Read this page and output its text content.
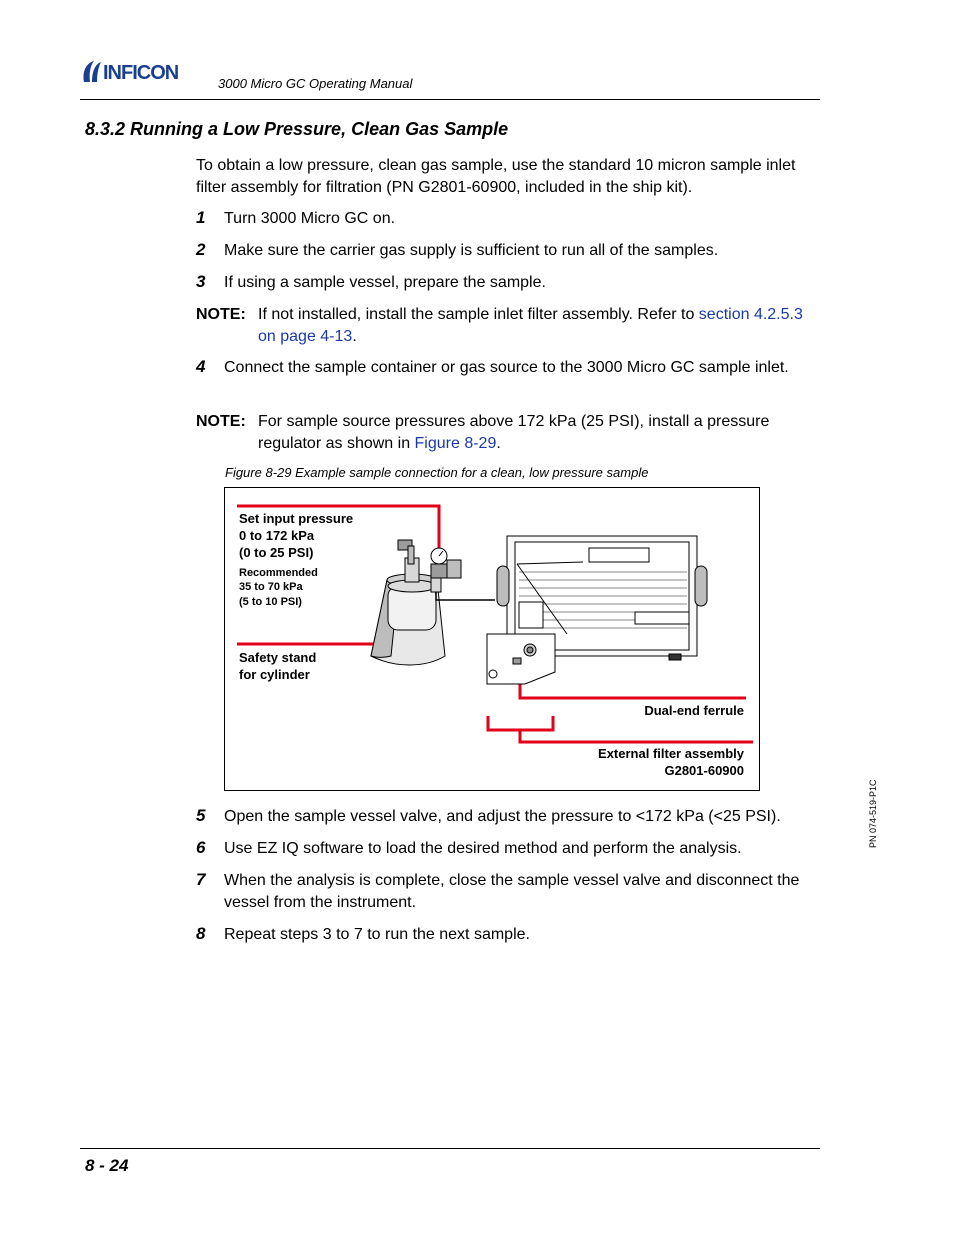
INFICON	3000 Micro GC Operating Manual
8.3.2 Running a Low Pressure, Clean Gas Sample
To obtain a low pressure, clean gas sample, use the standard 10 micron sample inlet filter assembly for filtration (PN G2801-60900, included in the ship kit).
1 Turn 3000 Micro GC on.
2 Make sure the carrier gas supply is sufficient to run all of the samples.
3 If using a sample vessel, prepare the sample.
NOTE: If not installed, install the sample inlet filter assembly. Refer to section 4.2.5.3 on page 4-13.
4 Connect the sample container or gas source to the 3000 Micro GC sample inlet.
NOTE: For sample source pressures above 172 kPa (25 PSI), install a pressure regulator as shown in Figure 8-29.
Figure 8-29 Example sample connection for a clean, low pressure sample
Set input pressure
0 to 172 kPa
(0 to 25 PSI)
Recommended
35 to 70 kPa
(5 to 10 PSI)
Safety stand
for cylinder
Dual-end ferrule
External filter assembly
G2801-60900
5 Open the sample vessel valve, and adjust the pressure to <172 kPa (<25 PSI).
6 Use EZ IQ software to load the desired method and perform the analysis.
7 When the analysis is complete, close the sample vessel valve and disconnect the vessel from the instrument.
8 Repeat steps 3 to 7 to run the next sample.
PN 074-519-P1C
8 - 24
